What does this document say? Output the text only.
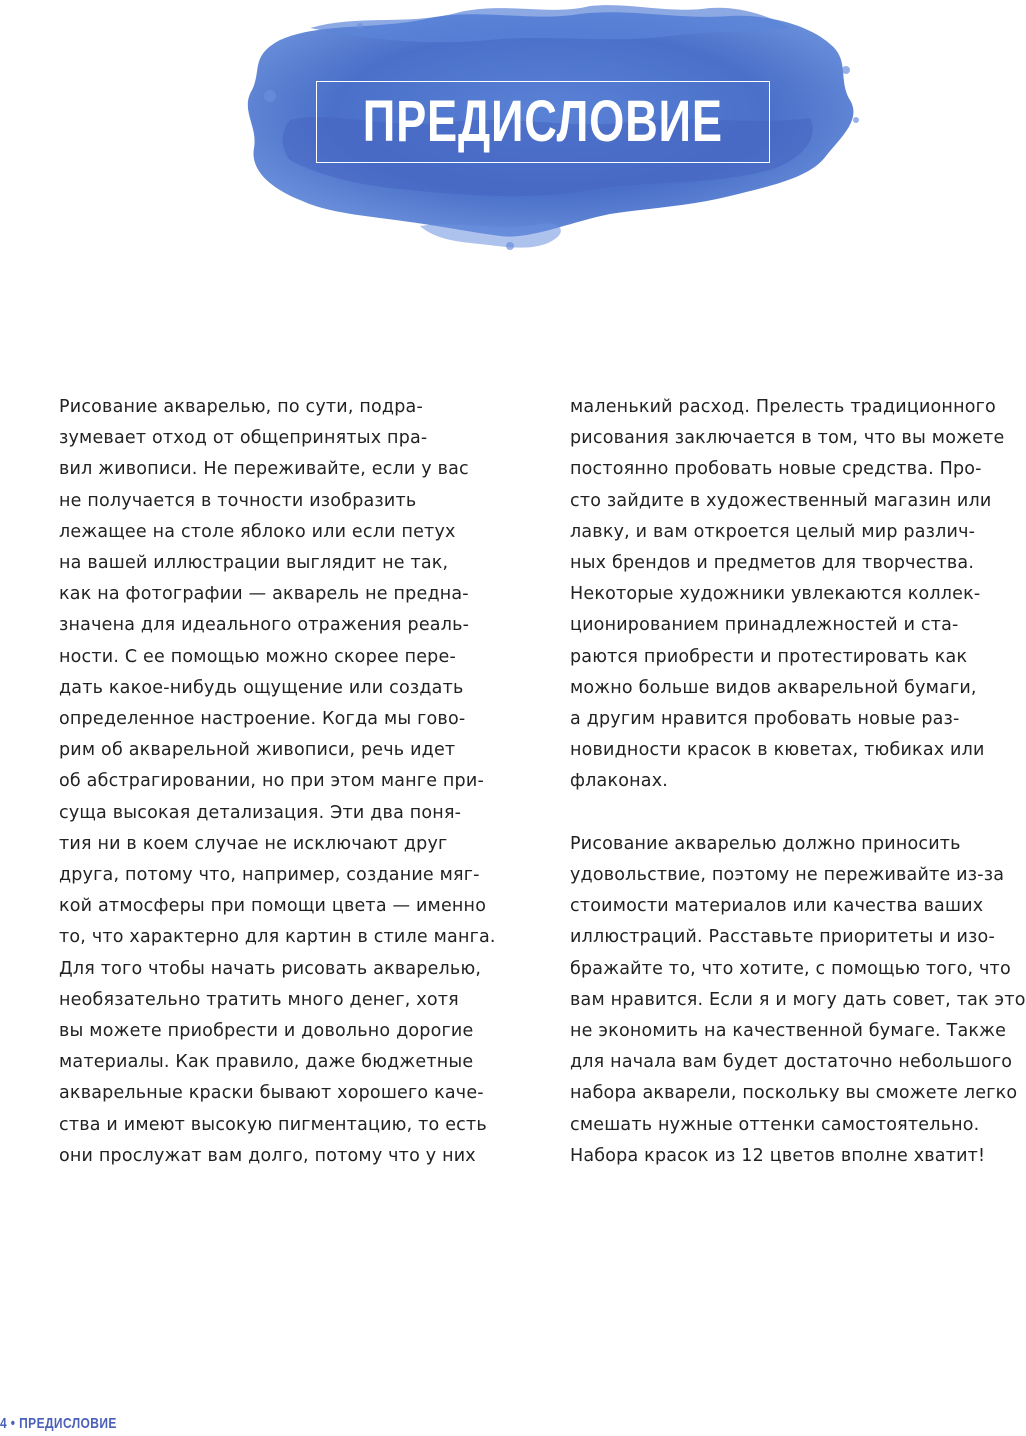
ПРЕДИСЛОВИЕ
Рисование акварелью, по сути, подра-
зумевает отход от общепринятых пра-
вил живописи. Не переживайте, если у вас
не получается в точности изобразить
лежащее на столе яблоко или если петух
на вашей иллюстрации выглядит не так,
как на фотографии — акварель не предна-
значена для идеального отражения реаль-
ности. С ее помощью можно скорее пере-
дать какое-нибудь ощущение или создать
определенное настроение. Когда мы гово-
рим об акварельной живописи, речь идет
об абстрагировании, но при этом манге при-
суща высокая детализация. Эти два поня-
тия ни в коем случае не исключают друг
друга, потому что, например, создание мяг-
кой атмосферы при помощи цвета — именно
то, что характерно для картин в стиле манга.
Для того чтобы начать рисовать акварелью,
необязательно тратить много денег, хотя
вы можете приобрести и довольно дорогие
материалы. Как правило, даже бюджетные
акварельные краски бывают хорошего каче-
ства и имеют высокую пигментацию, то есть
они прослужат вам долго, потому что у них
маленький расход. Прелесть традиционного
рисования заключается в том, что вы можете
постоянно пробовать новые средства. Про-
сто зайдите в художественный магазин или
лавку, и вам откроется целый мир различ-
ных брендов и предметов для творчества.
Некоторые художники увлекаются коллек-
ционированием принадлежностей и ста-
раются приобрести и протестировать как
можно больше видов акварельной бумаги,
а другим нравится пробовать новые раз-
новидности красок в кюветах, тюбиках или
флаконах.
Рисование акварелью должно приносить
удовольствие, поэтому не переживайте из-за
стоимости материалов или качества ваших
иллюстраций. Расставьте приоритеты и изо-
бражайте то, что хотите, с помощью того, что
вам нравится. Если я и могу дать совет, так это
не экономить на качественной бумаге. Также
для начала вам будет достаточно небольшого
набора акварели, поскольку вы сможете легко
смешать нужные оттенки самостоятельно.
Набора красок из 12 цветов вполне хватит!
4 • ПРЕДИСЛОВИЕ
